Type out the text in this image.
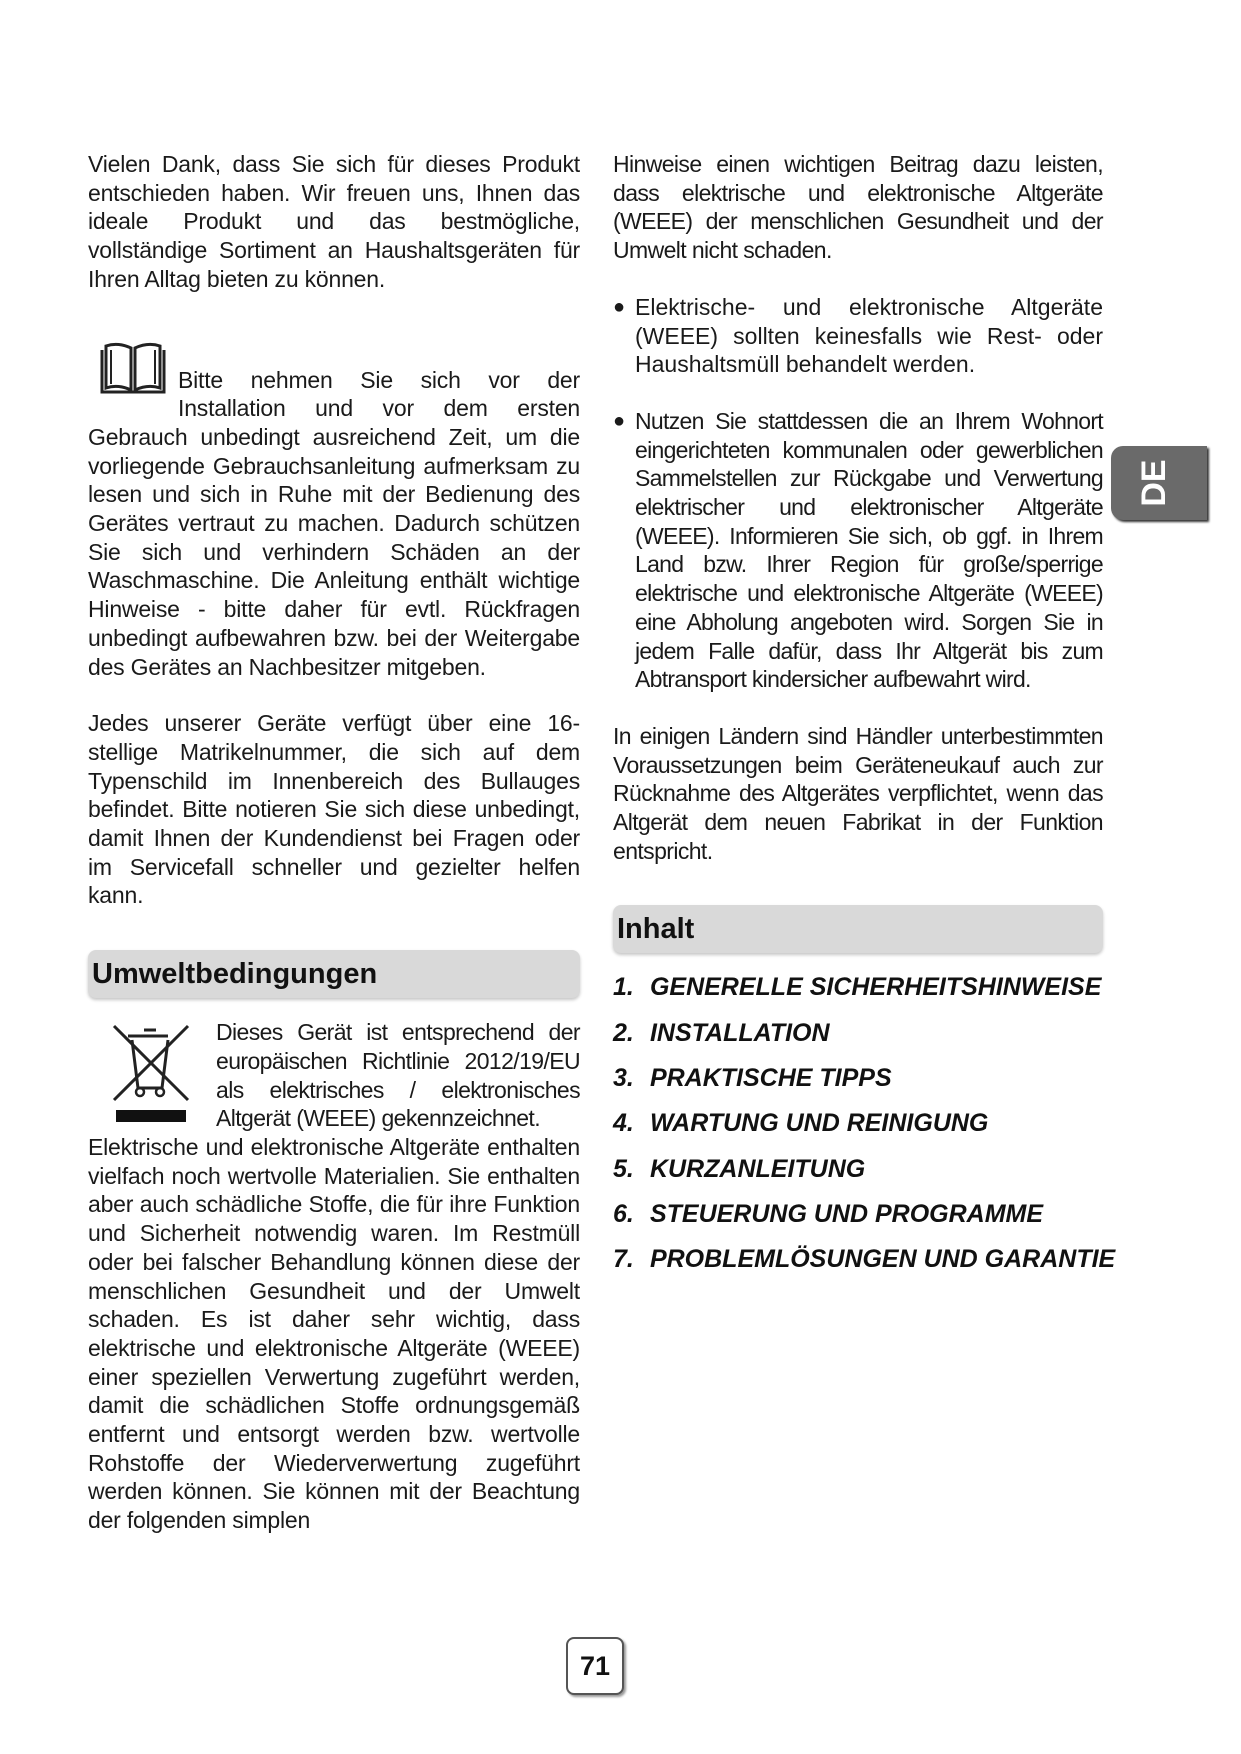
Vielen Dank, dass Sie sich für dieses Produkt entschieden haben. Wir freuen uns, Ihnen das ideale Produkt und das bestmögliche, vollständige Sortiment an Haushaltsgeräten für Ihren Alltag bieten zu können.

Bitte nehmen Sie sich vor der Installation und vor dem ersten Gebrauch unbedingt ausreichend Zeit, um die vorliegende Gebrauchsanleitung aufmerksam zu lesen und sich in Ruhe mit der Bedienung des Gerätes vertraut zu machen. Dadurch schützen Sie sich und verhindern Schäden an der Waschmaschine. Die Anleitung enthält wichtige Hinweise - bitte daher für evtl. Rückfragen unbedingt aufbewahren bzw. bei der Weitergabe des Gerätes an Nachbesitzer mitgeben.

Jedes unserer Geräte verfügt über eine 16-stellige Matrikelnummer, die sich auf dem Typenschild im Innenbereich des Bullauges befindet. Bitte notieren Sie sich diese unbedingt, damit Ihnen der Kundendienst bei Fragen oder im Servicefall schneller und gezielter helfen kann.

Umweltbedingungen

Dieses Gerät ist entsprechend der europäischen Richtlinie 2012/19/EU als elektrisches / elektronisches Altgerät (WEEE) gekennzeichnet.

Elektrische und elektronische Altgeräte enthalten vielfach noch wertvolle Materialien. Sie enthalten aber auch schädliche Stoffe, die für ihre Funktion und Sicherheit notwendig waren. Im Restmüll oder bei falscher Behandlung können diese der menschlichen Gesundheit und der Umwelt schaden. Es ist daher sehr wichtig, dass elektrische und elektronische Altgeräte (WEEE) einer speziellen Verwertung zugeführt werden, damit die schädlichen Stoffe ordnungsgemäß entfernt und entsorgt werden bzw. wertvolle Rohstoffe der Wiederverwertung zugeführt werden können. Sie können mit der Beachtung der folgenden simplen

Hinweise einen wichtigen Beitrag dazu leisten, dass elektrische und elektronische Altgeräte (WEEE) der menschlichen Gesundheit und der Umwelt nicht schaden.

● Elektrische- und elektronische Altgeräte (WEEE) sollten keinesfalls wie Rest- oder Haushaltsmüll behandelt werden.

● Nutzen Sie stattdessen die an Ihrem Wohnort eingerichteten kommunalen oder gewerblichen Sammelstellen zur Rückgabe und Verwertung elektrischer und elektronischer Altgeräte (WEEE). Informieren Sie sich, ob ggf. in Ihrem Land bzw. Ihrer Region für große/sperrige elektrische und elektronische Altgeräte (WEEE) eine Abholung angeboten wird. Sorgen Sie in jedem Falle dafür, dass Ihr Altgerät bis zum Abtransport kindersicher aufbewahrt wird.

In einigen Ländern sind Händler unterbestimmten Voraussetzungen beim Geräteneukauf auch zur Rücknahme des Altgerätes verpflichtet, wenn das Altgerät dem neuen Fabrikat in der Funktion entspricht.

Inhalt
1. GENERELLE SICHERHEITSHINWEISE
2. INSTALLATION
3. PRAKTISCHE TIPPS
4. WARTUNG UND REINIGUNG
5. KURZANLEITUNG
6. STEUERUNG UND PROGRAMME
7. PROBLEMLÖSUNGEN UND GARANTIE
DE
71
